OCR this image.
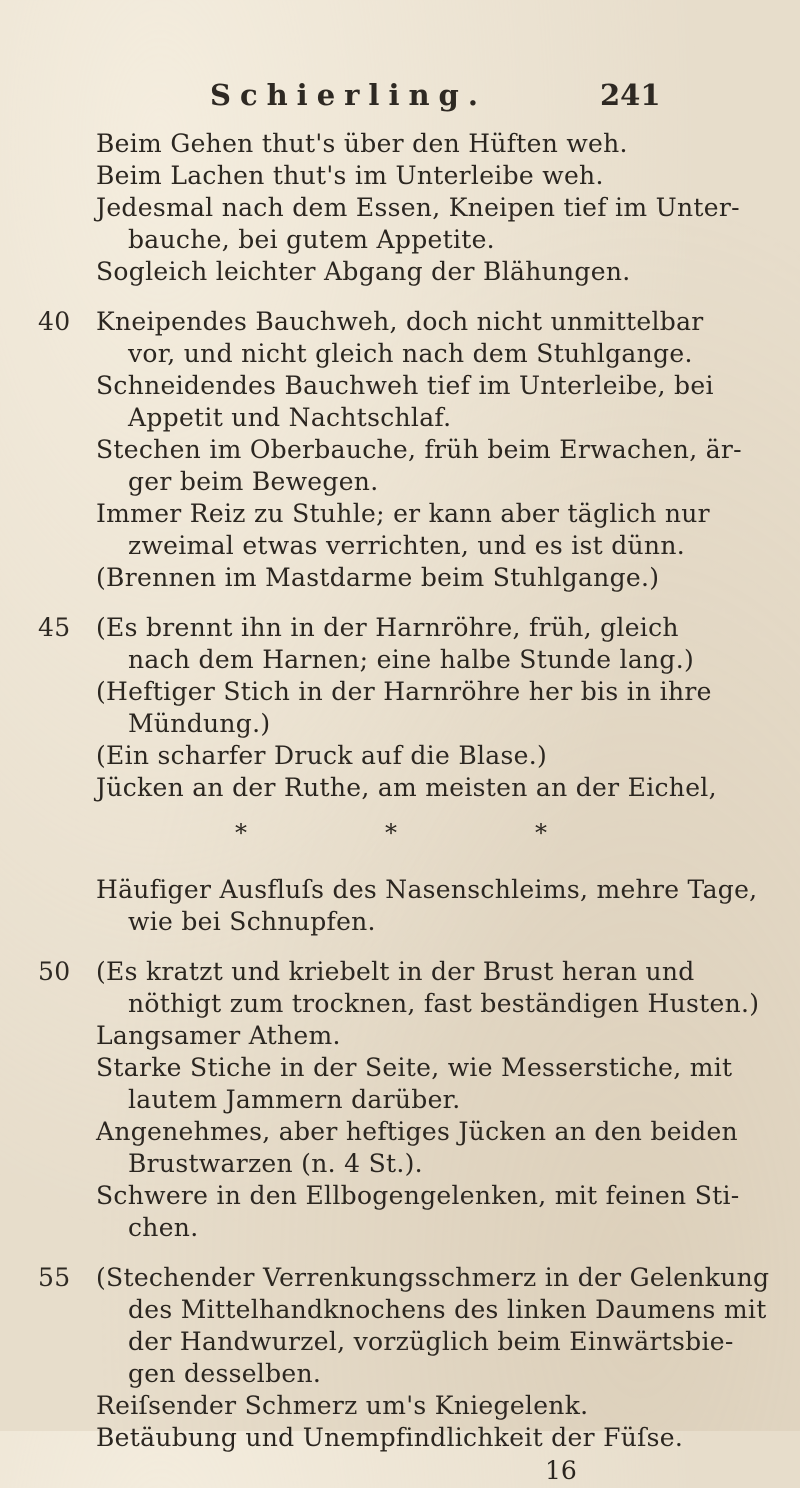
Schierling.	241
Beim Gehen thut's über den Hüften weh.
Beim Lachen thut's im Unterleibe weh.
Jedesmal nach dem Essen, Kneipen tief im Unter-
bauche, bei gutem Appetite.
Sogleich leichter Abgang der Blähungen.
40 Kneipendes Bauchweh, doch nicht unmittelbar
vor, und nicht gleich nach dem Stuhlgange.
Schneidendes Bauchweh tief im Unterleibe, bei
Appetit und Nachtschlaf.
Stechen im Oberbauche, früh beim Erwachen, är-
ger beim Bewegen.
Immer Reiz zu Stuhle; er kann aber täglich nur
zweimal etwas verrichten, und es ist dünn.
(Brennen im Mastdarme beim Stuhlgange.)
45 (Es brennt ihn in der Harnröhre, früh, gleich
nach dem Harnen; eine halbe Stunde lang.)
(Heftiger Stich in der Harnröhre her bis in ihre
Mündung.)
(Ein scharfer Druck auf die Blase.)
Jücken an der Ruthe, am meisten an der Eichel,
*	*	*
Häufiger Ausfluſs des Nasenschleims, mehre Tage,
wie bei Schnupfen.
50 (Es kratzt und kriebelt in der Brust heran und
nöthigt zum trocknen, fast beständigen Husten.)
Langsamer Athem.
Starke Stiche in der Seite, wie Messerstiche, mit
lautem Jammern darüber.
Angenehmes, aber heftiges Jücken an den beiden
Brustwarzen (n. 4 St.).
Schwere in den Ellbogengelenken, mit feinen Sti-
chen.
55 (Stechender Verrenkungsschmerz in der Gelenkung
des Mittelhandknochens des linken Daumens mit
der Handwurzel, vorzüglich beim Einwärtsbie-
gen desselben.
Reiſsender Schmerz um's Kniegelenk.
Betäubung und Unempfindlichkeit der Füſse.
16
